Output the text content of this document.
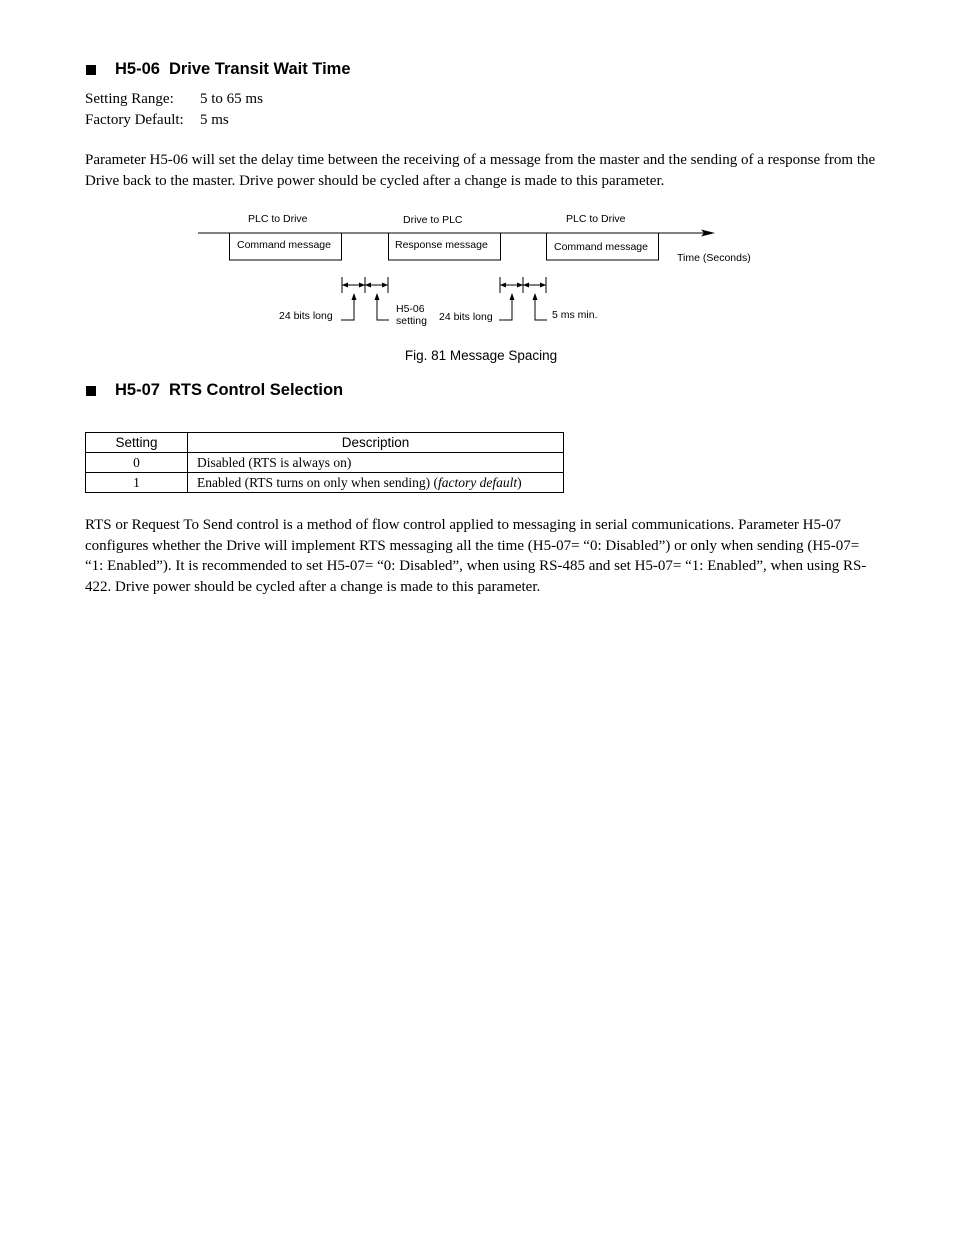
H5-06 Drive Transit Wait Time
Setting Range:	5 to 65 ms
Factory Default:	5 ms
Parameter H5-06 will set the delay time between the receiving of a message from the master and the sending of a response from the Drive back to the master. Drive power should be cycled after a change is made to this parameter.
PLC to Drive	Drive to PLC	PLC to Drive
Command message	Response message	Command message
Time (Seconds)
24 bits long
H5-06
setting 24 bits long	5 ms min.
Fig. 81 Message Spacing
H5-07 RTS Control Selection
Setting	Description
0	Disabled (RTS is always on)
1	Enabled (RTS turns on only when sending) (factory default)
RTS or Request To Send control is a method of flow control applied to messaging in serial communications. Parameter H5-07 configures whether the Drive will implement RTS messaging all the time (H5-07= “0: Disabled”) or only when sending (H5-07= “1: Enabled”). It is recommended to set H5-07= “0: Disabled”, when using RS-485 and set H5-07= “1: Enabled”, when using RS-422. Drive power should be cycled after a change is made to this parameter.
